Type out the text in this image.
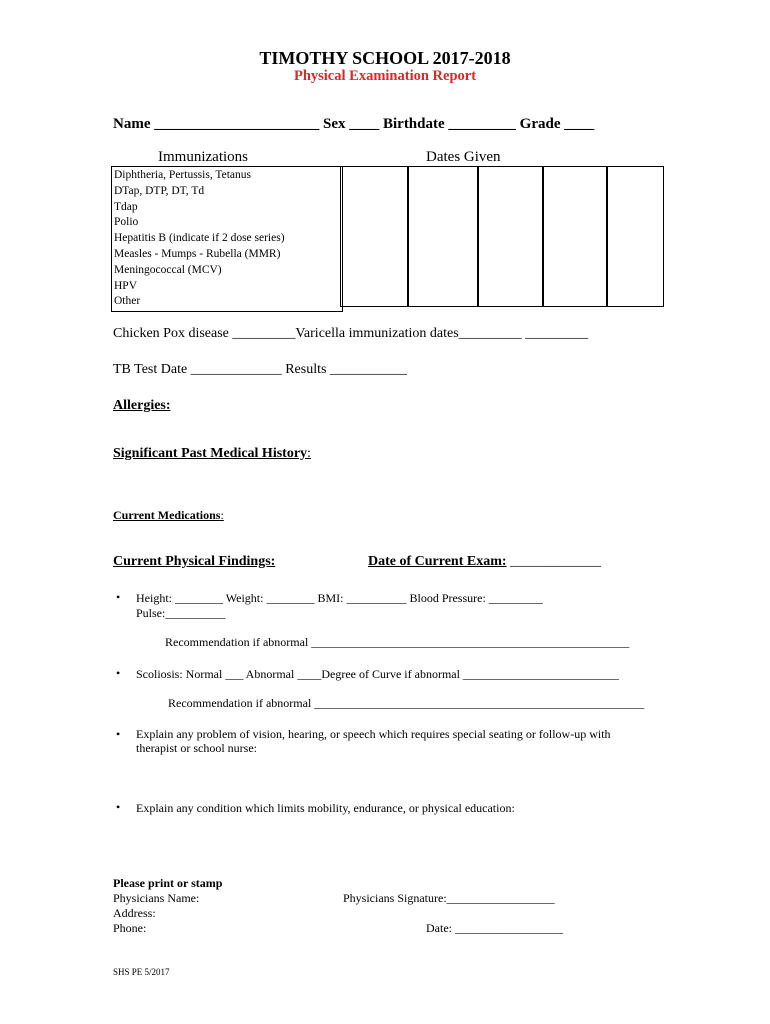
TIMOTHY SCHOOL 2017-2018
Physical Examination Report
Name ______________________ Sex ____ Birthdate _________ Grade ____
Immunizations	Dates Given
Diphtheria, Pertussis, Tetanus
DTap, DTP, DT, Td
Tdap
Polio
Hepatitis B (indicate if 2 dose series)
Measles - Mumps - Rubella (MMR)
Meningococcal (MCV)
HPV
Other
Chicken Pox disease _________Varicella immunization dates_________ _________
TB Test Date _____________ Results ___________
Allergies:
Significant Past Medical History:
Current Medications:
Current Physical Findings:	Date of Current Exam: _____________
• Height: ________ Weight: ________ BMI: __________ Blood Pressure: _________
Pulse:__________
Recommendation if abnormal _____________________________________________________
• Scoliosis: Normal ___ Abnormal ____Degree of Curve if abnormal __________________________
Recommendation if abnormal _______________________________________________________
• Explain any problem of vision, hearing, or speech which requires special seating or follow-up with
therapist or school nurse:
• Explain any condition which limits mobility, endurance, or physical education:
Please print or stamp
Physicians Name:
Address:
Phone:
Physicians Signature:__________________
Date: __________________
SHS PE 5/2017
